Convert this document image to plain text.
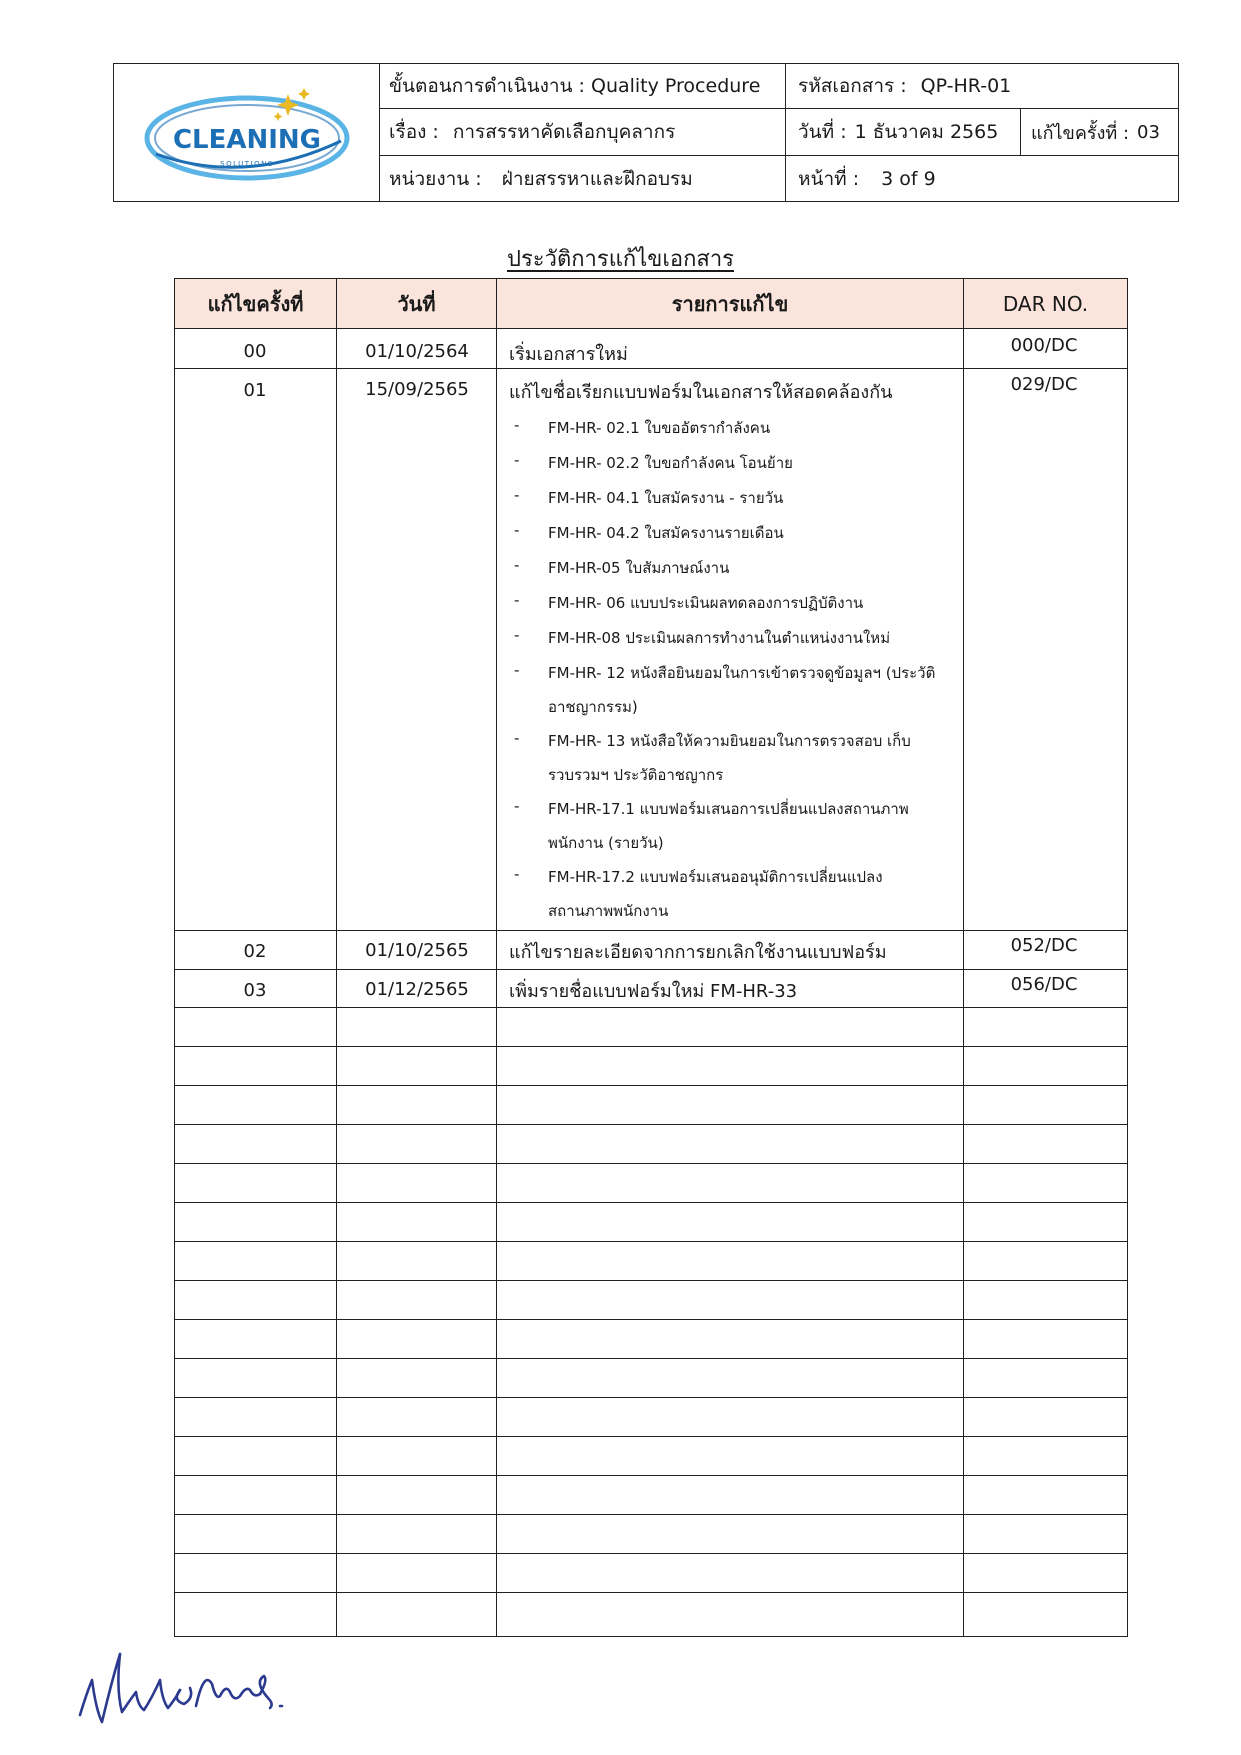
CLEANING
SOLUTIONS
ขั้นตอนการดำเนินงาน : Quality Procedure	รหัสเอกสาร : QP-HR-01
เรื่อง : การสรรหาคัดเลือกบุคลากร	วันที่ : 1 ธันวาคม 2565 แก้ไขครั้งที่ : 03
หน่วยงาน : ฝ่ายสรรหาและฝึกอบรม	หน้าที่ : 3 of 9
ประวัติการแก้ไขเอกสาร
แก้ไขครั้งที่	วันที่	รายการแก้ไข	DAR NO.
00	01/10/2564	เริ่มเอกสารใหม่	000/DC
01	15/09/2565	แก้ไขชื่อเรียกแบบฟอร์มในเอกสารให้สอดคล้องกัน	029/DC
- FM-HR- 02.1 ใบขออัตรากำลังคน
- FM-HR- 02.2 ใบขอกำลังคน โอนย้าย
- FM-HR- 04.1 ใบสมัครงาน - รายวัน
- FM-HR- 04.2 ใบสมัครงานรายเดือน
- FM-HR-05 ใบสัมภาษณ์งาน
- FM-HR- 06 แบบประเมินผลทดลองการปฏิบัติงาน
- FM-HR-08 ประเมินผลการทำงานในตำแหน่งงานใหม่
- FM-HR- 12 หนังสือยินยอมในการเข้าตรวจดูข้อมูลฯ (ประวัติ
อาชญากรรม)
- FM-HR- 13 หนังสือให้ความยินยอมในการตรวจสอบ เก็บ
รวบรวมฯ ประวัติอาชญากร
- FM-HR-17.1 แบบฟอร์มเสนอการเปลี่ยนแปลงสถานภาพ
พนักงาน (รายวัน)
- FM-HR-17.2 แบบฟอร์มเสนออนุมัติการเปลี่ยนแปลง
สถานภาพพนักงาน
02	01/10/2565	แก้ไขรายละเอียดจากการยกเลิกใช้งานแบบฟอร์ม	052/DC
03	01/12/2565	เพิ่มรายชื่อแบบฟอร์มใหม่ FM-HR-33	056/DC
